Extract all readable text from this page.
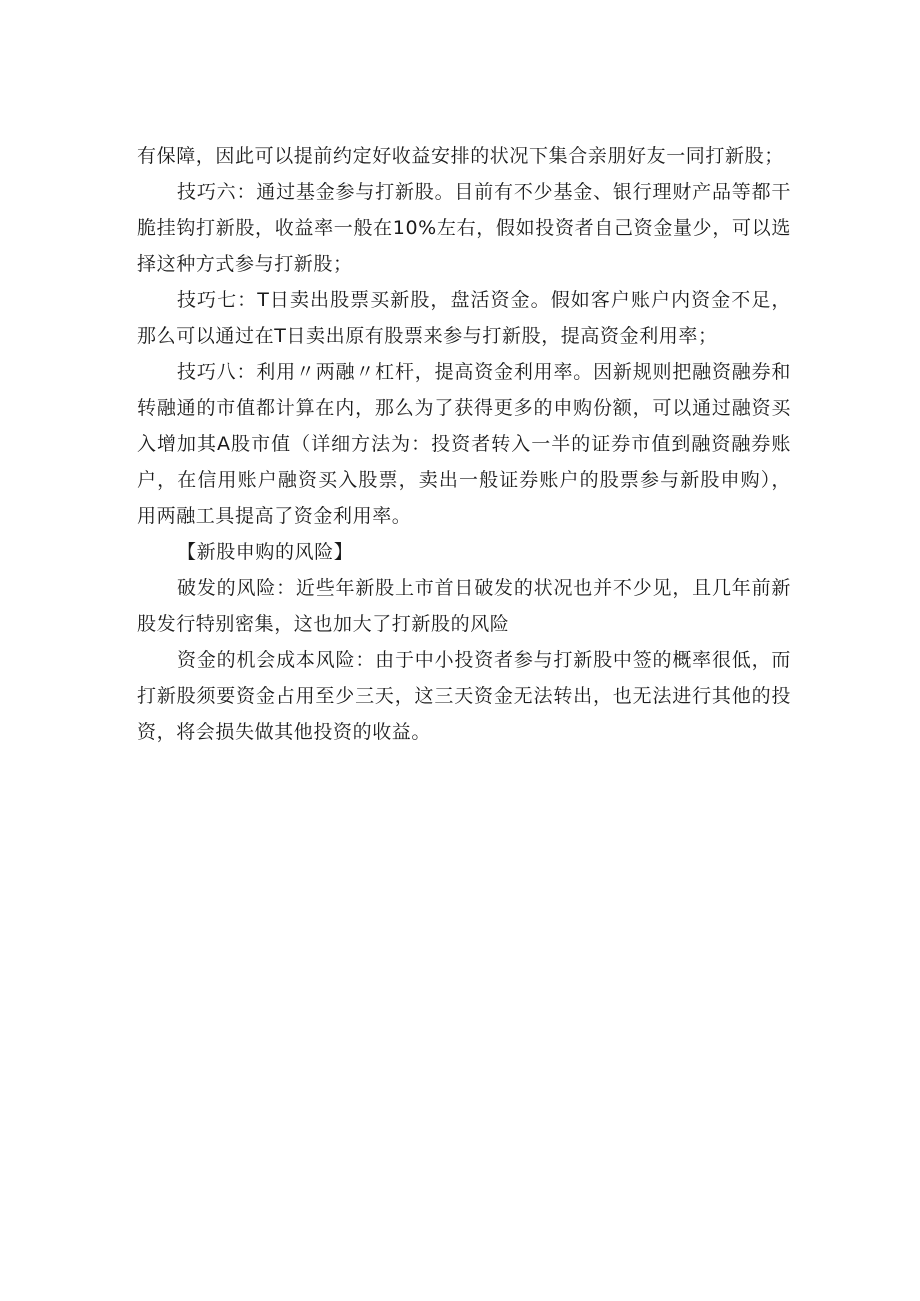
有保障，因此可以提前约定好收益安排的状况下集合亲朋好友一同打新股；

技巧六：通过基金参与打新股。目前有不少基金、银行理财产品等都干脆挂钩打新股，收益率一般在10%左右，假如投资者自己资金量少，可以选择这种方式参与打新股；

技巧七：T日卖出股票买新股，盘活资金。假如客户账户内资金不足，那么可以通过在T日卖出原有股票来参与打新股，提高资金利用率；

技巧八：利用〃两融〃杠杆，提高资金利用率。因新规则把融资融券和转融通的市值都计算在内，那么为了获得更多的申购份额，可以通过融资买入增加其A股市值（详细方法为：投资者转入一半的证券市值到融资融券账户，在信用账户融资买入股票，卖出一般证券账户的股票参与新股申购），用两融工具提高了资金利用率。

【新股申购的风险】

破发的风险：近些年新股上市首日破发的状况也并不少见，且几年前新股发行特别密集，这也加大了打新股的风险

资金的机会成本风险：由于中小投资者参与打新股中签的概率很低，而打新股须要资金占用至少三天，这三天资金无法转出，也无法进行其他的投资，将会损失做其他投资的收益。
